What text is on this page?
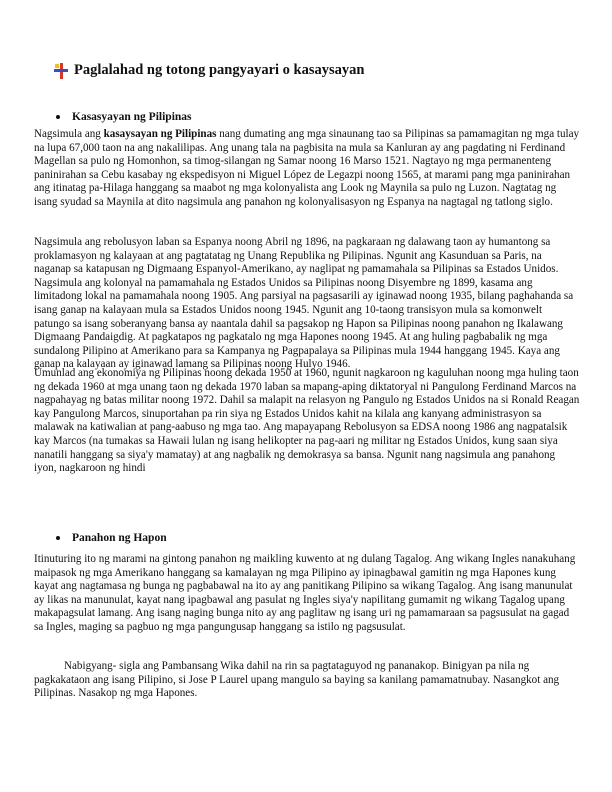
Paglalahad ng totong pangyayari o kasaysayan
Kasasyayan ng Pilipinas

Nagsimula ang kasaysayan ng Pilipinas nang dumating ang mga sinaunang tao sa Pilipinas sa pamamagitan ng mga tulay na lupa 67,000 taon na ang nakalilipas. Ang unang tala na pagbisita na mula sa Kanluran ay ang pagdating ni Ferdinand Magellan sa pulo ng Homonhon, sa timog-silangan ng Samar noong 16 Marso 1521. Nagtayo ng mga permanenteng paninirahan sa Cebu kasabay ng ekspedisyon ni Miguel López de Legazpi noong 1565, at marami pang mga paninirahan ang itinatag pa-Hilaga hanggang sa maabot ng mga kolonyalista ang Look ng Maynila sa pulo ng Luzon. Nagtatag ng isang syudad sa Maynila at dito nagsimula ang panahon ng kolonyalisasyon ng Espanya na nagtagal ng tatlong siglo.

Nagsimula ang rebolusyon laban sa Espanya noong Abril ng 1896, na pagkaraan ng dalawang taon ay humantong sa proklamasyon ng kalayaan at ang pagtatatag ng Unang Republika ng Pilipinas. Ngunit ang Kasunduan sa Paris, na naganap sa katapusan ng Digmaang Espanyol-Amerikano, ay naglipat ng pamamahala sa Pilipinas sa Estados Unidos. Nagsimula ang kolonyal na pamamahala ng Estados Unidos sa Pilipinas noong Disyembre ng 1899, kasama ang limitadong lokal na pamamahala noong 1905. Ang parsiyal na pagsasarili ay iginawad noong 1935, bilang paghahanda sa isang ganap na kalayaan mula sa Estados Unidos noong 1945. Ngunit ang 10-taong transisyon mula sa komonwelt patungo sa isang soberanyang bansa ay naantala dahil sa pagsakop ng Hapon sa Pilipinas noong panahon ng Ikalawang Digmaang Pandaigdig. At pagkatapos ng pagkatalo ng mga Hapones noong 1945. At ang huling pagbabalik ng mga sundalong Pilipino at Amerikano para sa Kampanya ng Pagpapalaya sa Pilipinas mula 1944 hanggang 1945. Kaya ang ganap na kalayaan ay iginawad lamang sa Pilipinas noong Hulyo 1946.

Umunlad ang ekonomiya ng Pilipinas noong dekada 1950 at 1960, ngunit nagkaroon ng kaguluhan noong mga huling taon ng dekada 1960 at mga unang taon ng dekada 1970 laban sa mapang-aping diktatoryal ni Pangulong Ferdinand Marcos na nagpahayag ng batas militar noong 1972. Dahil sa malapit na relasyon ng Pangulo ng Estados Unidos na si Ronald Reagan kay Pangulong Marcos, sinuportahan pa rin siya ng Estados Unidos kahit na kilala ang kanyang administrasyon sa malawak na katiwalian at pang-aabuso ng mga tao. Ang mapayapang Rebolusyon sa EDSA noong 1986 ang nagpatalsik kay Marcos (na tumakas sa Hawaii lulan ng isang helikopter na pag-aari ng militar ng Estados Unidos, kung saan siya nanatili hanggang sa siya'y mamatay) at ang nagbalik ng demokrasya sa bansa. Ngunit nang nagsimula ang panahong iyon, nagkaroon ng hindi

Panahon ng Hapon

Itinuturing ito ng marami na gintong panahon ng maikling kuwento at ng dulang Tagalog. Ang wikang Ingles nanakuhang maipasok ng mga Amerikano hanggang sa kamalayan ng mga Pilipino ay ipinagbawal gamitin ng mga Hapones kung kayat ang nagtamasa ng bunga ng pagbabawal na ito ay ang panitikang Pilipino sa wikang Tagalog. Ang isang manunulat ay likas na manunulat, kayat nang ipagbawal ang pasulat ng Ingles siya'y napilitang gumamit ng wikang Tagalog upang makapagsulat lamang. Ang isang naging bunga nito ay ang paglitaw ng isang uri ng pamamaraan sa pagsusulat na gagad sa Ingles, maging sa pagbuo ng mga pangungusap hanggang sa istilo ng pagsusulat.

Nabigyang- sigla ang Pambansang Wika dahil na rin sa pagtataguyod ng pananakop. Binigyan pa nila ng pagkakataon ang isang Pilipino, si Jose P Laurel upang mangulo sa baying sa kanilang pamamatnubay. Nasangkot ang Pilipinas. Nasakop ng mga Hapones.
